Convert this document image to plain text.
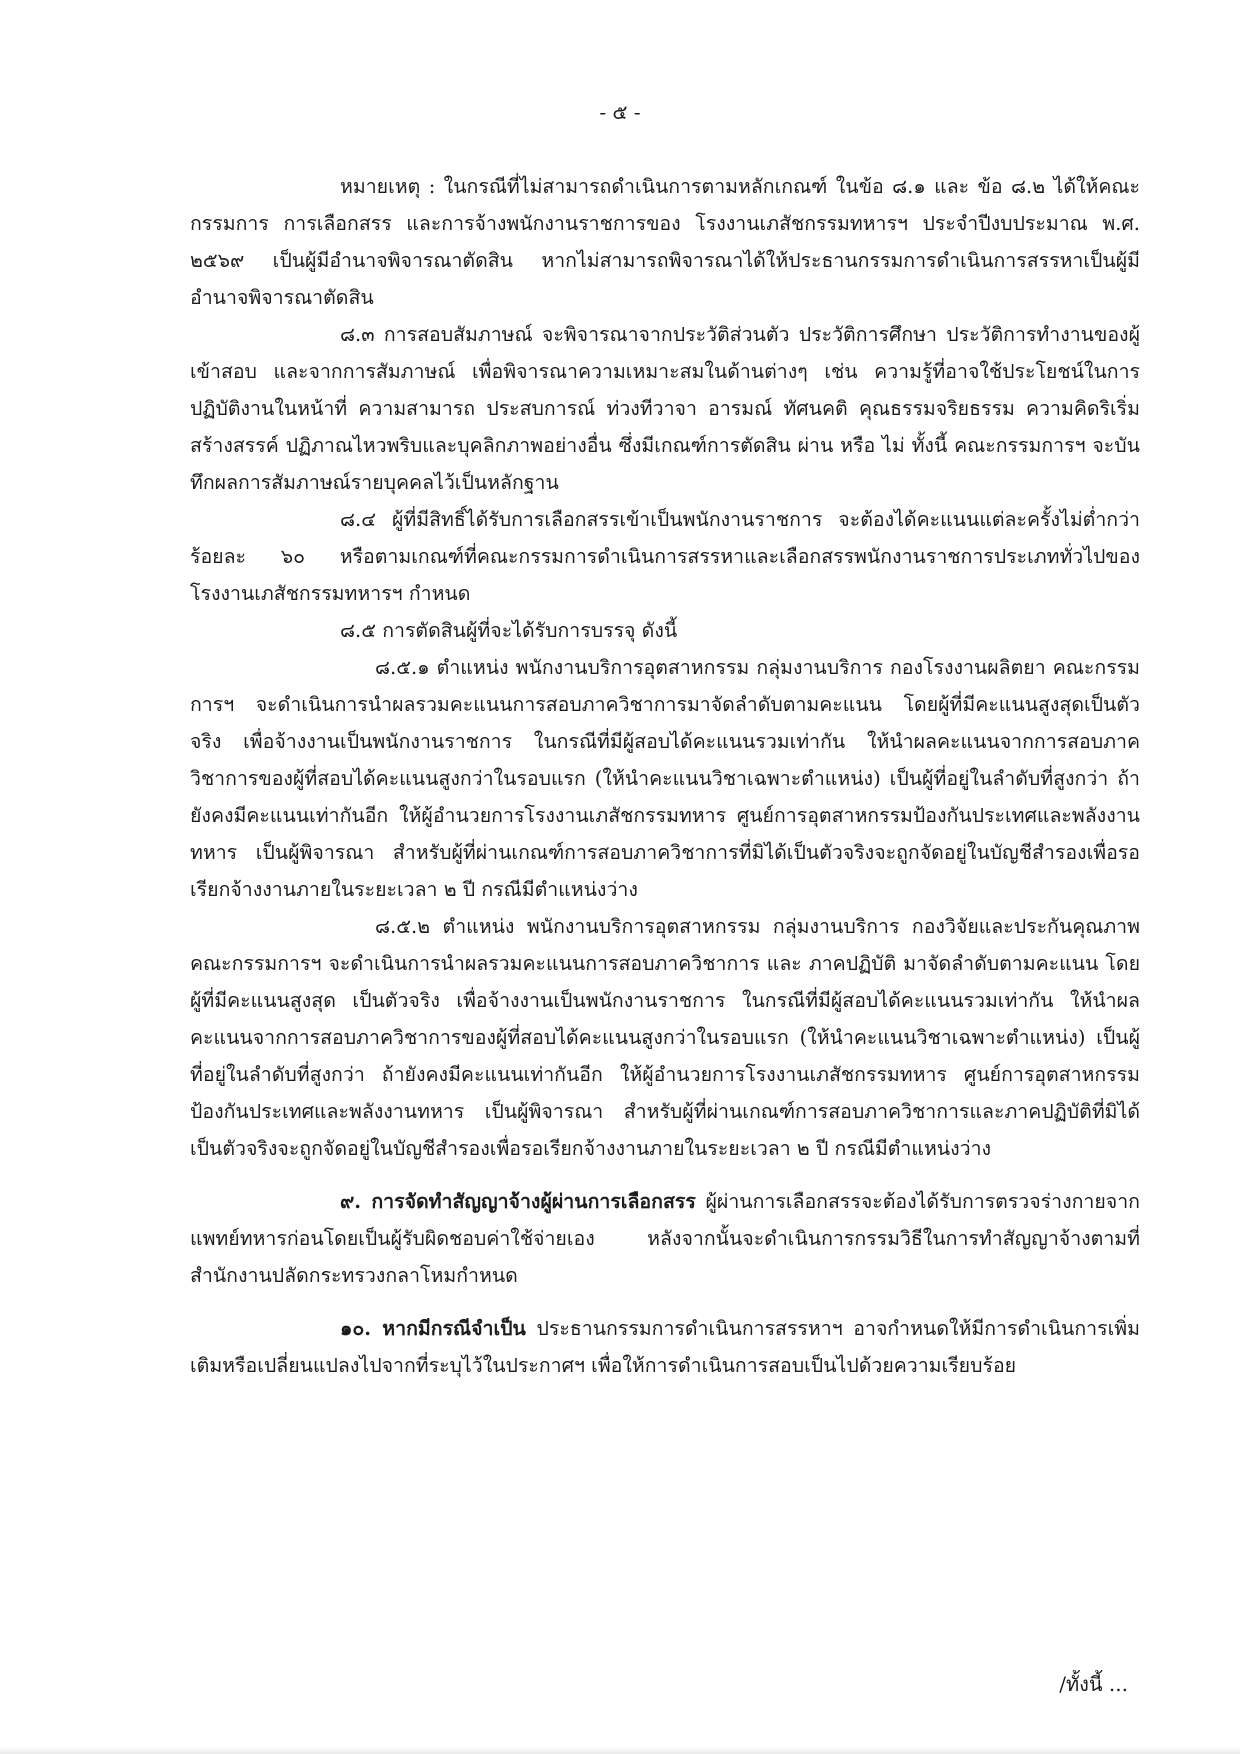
- ๕ -

หมายเหตุ : ในกรณีที่ไม่สามารถดำเนินการตามหลักเกณฑ์ ในข้อ ๘.๑ และ ข้อ ๘.๒ ได้ให้คณะกรรมการ การเลือกสรร และการจ้างพนักงานราชการของ โรงงานเภสัชกรรมทหารฯ ประจำปีงบประมาณ พ.ศ. ๒๕๖๙ เป็นผู้มีอำนาจพิจารณาตัดสิน หากไม่สามารถพิจารณาได้ให้ประธานกรรมการดำเนินการสรรหาเป็นผู้มีอำนาจพิจารณาตัดสิน

๘.๓ การสอบสัมภาษณ์ จะพิจารณาจากประวัติส่วนตัว ประวัติการศึกษา ประวัติการทำงานของผู้เข้าสอบ และจากการสัมภาษณ์ เพื่อพิจารณาความเหมาะสมในด้านต่างๆ เช่น ความรู้ที่อาจใช้ประโยชน์ในการปฏิบัติงานในหน้าที่ ความสามารถ ประสบการณ์ ท่วงทีวาจา อารมณ์ ทัศนคติ คุณธรรมจริยธรรม ความคิดริเริ่มสร้างสรรค์ ปฏิภาณไหวพริบและบุคลิกภาพอย่างอื่น ซึ่งมีเกณฑ์การตัดสิน ผ่าน หรือ ไม่ ทั้งนี้ คณะกรรมการฯ จะบันทึกผลการสัมภาษณ์รายบุคคลไว้เป็นหลักฐาน

๘.๔ ผู้ที่มีสิทธิ์ได้รับการเลือกสรรเข้าเป็นพนักงานราชการ จะต้องได้คะแนนแต่ละครั้งไม่ต่ำกว่าร้อยละ ๖๐ หรือตามเกณฑ์ที่คณะกรรมการดำเนินการสรรหาและเลือกสรรพนักงานราชการประเภททั่วไปของโรงงานเภสัชกรรมทหารฯ กำหนด

๘.๕ การตัดสินผู้ที่จะได้รับการบรรจุ ดังนี้

๘.๕.๑ ตำแหน่ง พนักงานบริการอุตสาหกรรม กลุ่มงานบริการ กองโรงงานผลิตยา คณะกรรมการฯ จะดำเนินการนำผลรวมคะแนนการสอบภาควิชาการมาจัดลำดับตามคะแนน โดยผู้ที่มีคะแนนสูงสุดเป็นตัวจริง เพื่อจ้างงานเป็นพนักงานราชการ ในกรณีที่มีผู้สอบได้คะแนนรวมเท่ากัน ให้นำผลคะแนนจากการสอบภาควิชาการของผู้ที่สอบได้คะแนนสูงกว่าในรอบแรก (ให้นำคะแนนวิชาเฉพาะตำแหน่ง) เป็นผู้ที่อยู่ในลำดับที่สูงกว่า ถ้ายังคงมีคะแนนเท่ากันอีก ให้ผู้อำนวยการโรงงานเภสัชกรรมทหาร ศูนย์การอุตสาหกรรมป้องกันประเทศและพลังงานทหาร เป็นผู้พิจารณา สำหรับผู้ที่ผ่านเกณฑ์การสอบภาควิชาการที่มิได้เป็นตัวจริงจะถูกจัดอยู่ในบัญชีสำรองเพื่อรอเรียกจ้างงานภายในระยะเวลา ๒ ปี กรณีมีตำแหน่งว่าง

๘.๕.๒ ตำแหน่ง พนักงานบริการอุตสาหกรรม กลุ่มงานบริการ กองวิจัยและประกันคุณภาพ คณะกรรมการฯ จะดำเนินการนำผลรวมคะแนนการสอบภาควิชาการ และ ภาคปฏิบัติ มาจัดลำดับตามคะแนน โดยผู้ที่มีคะแนนสูงสุด เป็นตัวจริง เพื่อจ้างงานเป็นพนักงานราชการ ในกรณีที่มีผู้สอบได้คะแนนรวมเท่ากัน ให้นำผลคะแนนจากการสอบภาควิชาการของผู้ที่สอบได้คะแนนสูงกว่าในรอบแรก (ให้นำคะแนนวิชาเฉพาะตำแหน่ง) เป็นผู้ที่อยู่ในลำดับที่สูงกว่า ถ้ายังคงมีคะแนนเท่ากันอีก ให้ผู้อำนวยการโรงงานเภสัชกรรมทหาร ศูนย์การอุตสาหกรรมป้องกันประเทศและพลังงานทหาร เป็นผู้พิจารณา สำหรับผู้ที่ผ่านเกณฑ์การสอบภาควิชาการและภาคปฏิบัติที่มิได้เป็นตัวจริงจะถูกจัดอยู่ในบัญชีสำรองเพื่อรอเรียกจ้างงานภายในระยะเวลา ๒ ปี กรณีมีตำแหน่งว่าง

๙. การจัดทำสัญญาจ้างผู้ผ่านการเลือกสรร ผู้ผ่านการเลือกสรรจะต้องได้รับการตรวจร่างกายจากแพทย์ทหารก่อนโดยเป็นผู้รับผิดชอบค่าใช้จ่ายเอง หลังจากนั้นจะดำเนินการกรรมวิธีในการทำสัญญาจ้างตามที่สำนักงานปลัดกระทรวงกลาโหมกำหนด

๑๐. หากมีกรณีจำเป็น ประธานกรรมการดำเนินการสรรหาฯ อาจกำหนดให้มีการดำเนินการเพิ่มเติมหรือเปลี่ยนแปลงไปจากที่ระบุไว้ในประกาศฯ เพื่อให้การดำเนินการสอบเป็นไปด้วยความเรียบร้อย

/ทั้งนี้ ...
